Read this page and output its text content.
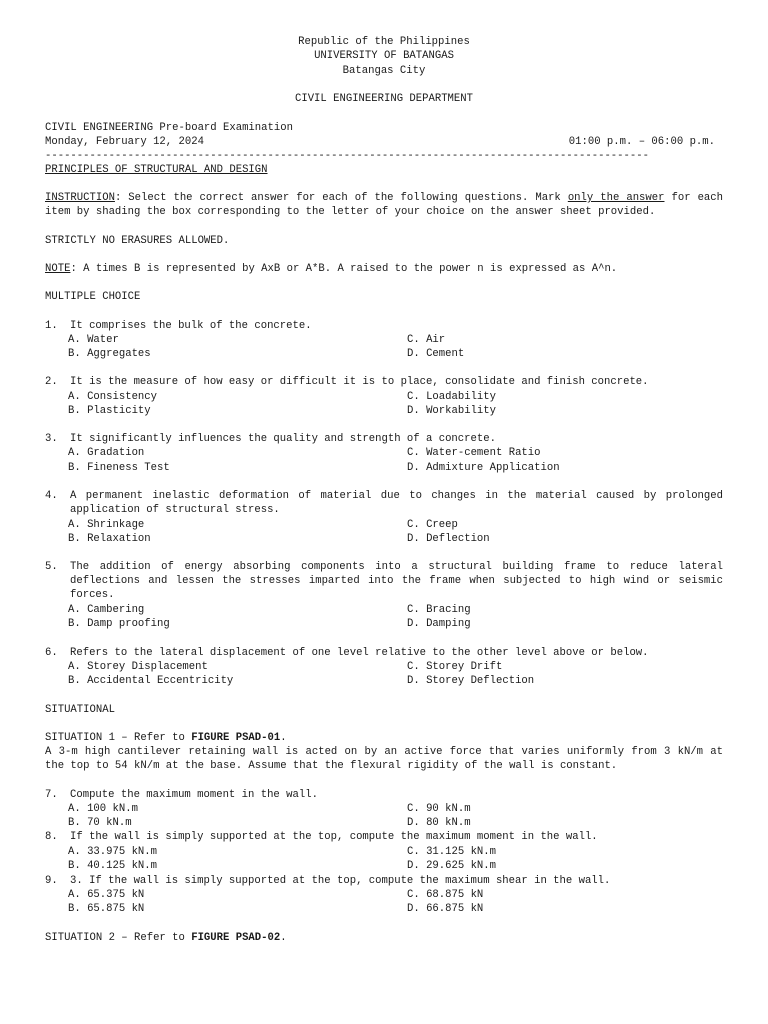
Republic of the Philippines
UNIVERSITY OF BATANGAS
Batangas City
CIVIL ENGINEERING DEPARTMENT
CIVIL ENGINEERING Pre-board Examination
Monday, February 12, 2024	01:00 p.m. – 06:00 p.m.
-----------------------------------------------------------------------------------------------
PRINCIPLES OF STRUCTURAL AND DESIGN
INSTRUCTION: Select the correct answer for each of the following questions. Mark only the answer for each item by shading the box corresponding to the letter of your choice on the answer sheet provided.
STRICTLY NO ERASURES ALLOWED.
NOTE: A times B is represented by AxB or A*B. A raised to the power n is expressed as A^n.
MULTIPLE CHOICE
1. It comprises the bulk of the concrete.
A. Water
B. Aggregates
C. Air
D. Cement
2. It is the measure of how easy or difficult it is to place, consolidate and finish concrete.
A. Consistency
B. Plasticity
C. Loadability
D. Workability
3. It significantly influences the quality and strength of a concrete.
A. Gradation
B. Fineness Test
C. Water-cement Ratio
D. Admixture Application
4. A permanent inelastic deformation of material due to changes in the material caused by prolonged application of structural stress.
A. Shrinkage
B. Relaxation
C. Creep
D. Deflection
5. The addition of energy absorbing components into a structural building frame to reduce lateral deflections and lessen the stresses imparted into the frame when subjected to high wind or seismic forces.
A. Cambering
B. Damp proofing
C. Bracing
D. Damping
6. Refers to the lateral displacement of one level relative to the other level above or below.
A. Storey Displacement
B. Accidental Eccentricity
C. Storey Drift
D. Storey Deflection
SITUATIONAL
SITUATION 1 – Refer to FIGURE PSAD-01.
A 3-m high cantilever retaining wall is acted on by an active force that varies uniformly from 3 kN/m at the top to 54 kN/m at the base. Assume that the flexural rigidity of the wall is constant.
7. Compute the maximum moment in the wall.
A. 100 kN.m
B. 70 kN.m
C. 90 kN.m
D. 80 kN.m
8. If the wall is simply supported at the top, compute the maximum moment in the wall.
A. 33.975 kN.m
B. 40.125 kN.m
C. 31.125 kN.m
D. 29.625 kN.m
9. 3. If the wall is simply supported at the top, compute the maximum shear in the wall.
A. 65.375 kN
B. 65.875 kN
C. 68.875 kN
D. 66.875 kN
SITUATION 2 – Refer to FIGURE PSAD-02.
